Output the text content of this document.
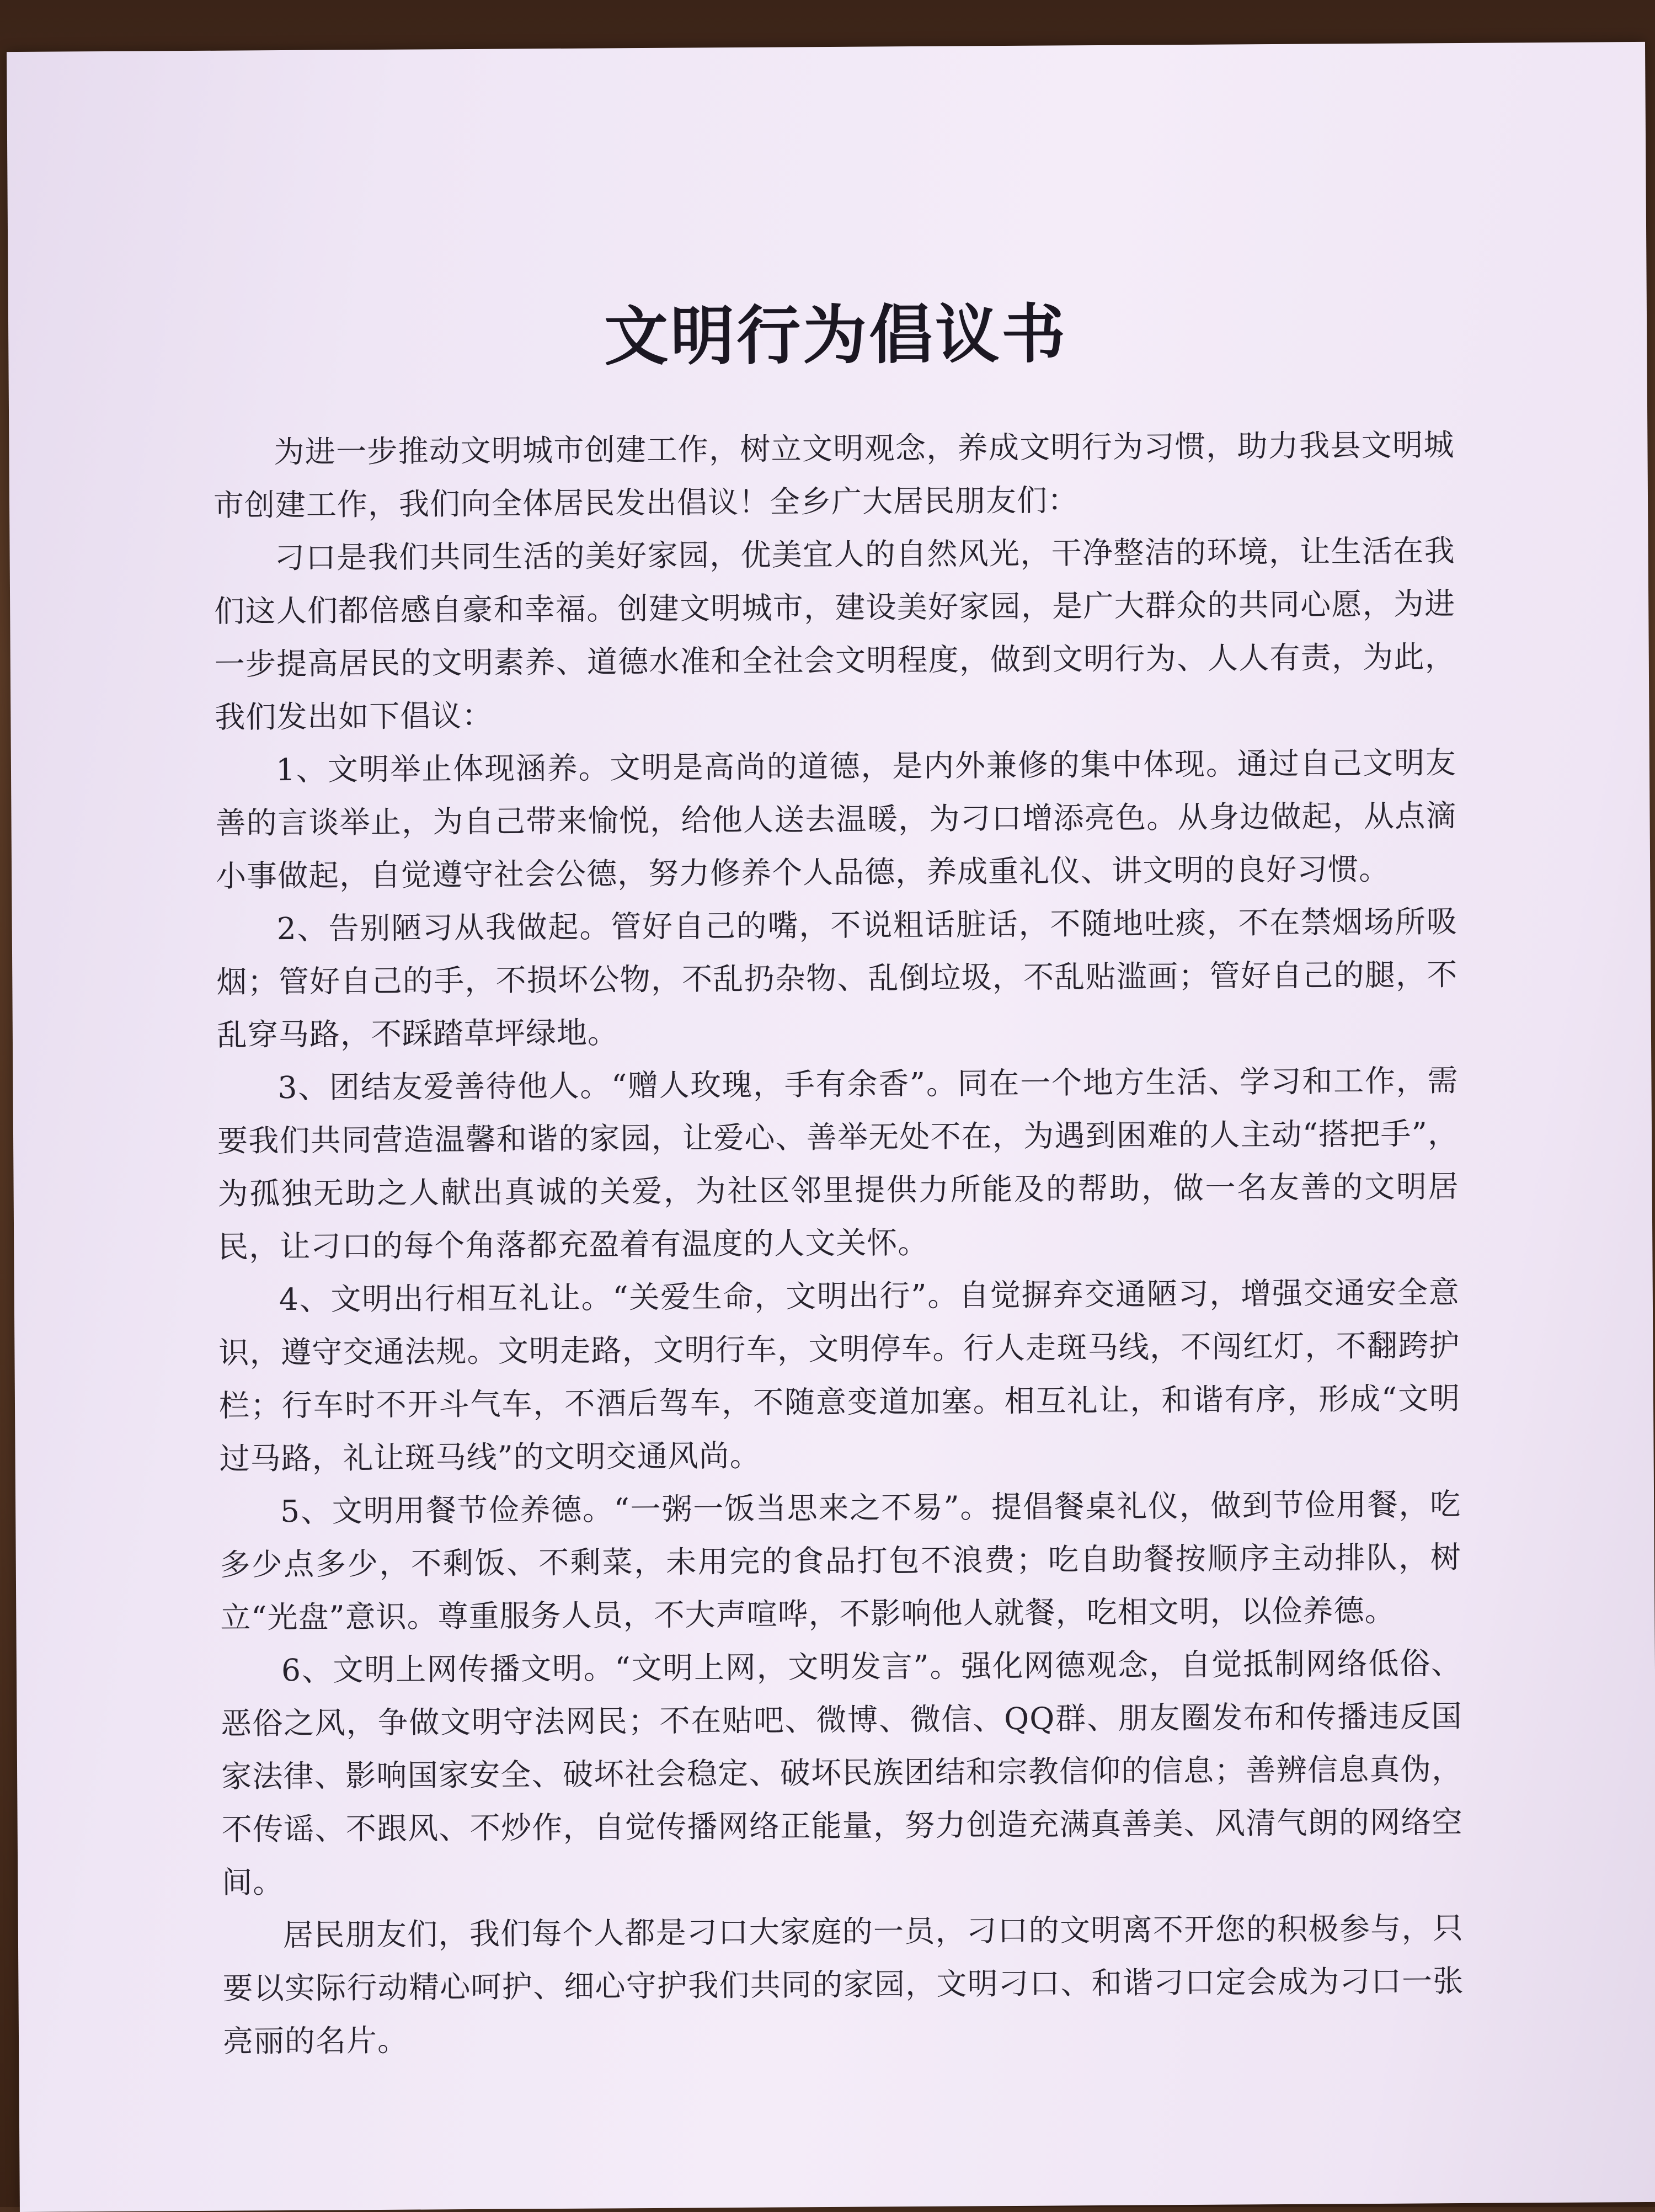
文明行为倡议书

为进一步推动文明城市创建工作，树立文明观念，养成文明行为习惯，助力我县文明城市创建工作，我们向全体居民发出倡议！全乡广大居民朋友们：

刁口是我们共同生活的美好家园，优美宜人的自然风光，干净整洁的环境，让生活在我们这人们都倍感自豪和幸福。创建文明城市，建设美好家园，是广大群众的共同心愿，为进一步提高居民的文明素养、道德水准和全社会文明程度，做到文明行为、人人有责，为此，我们发出如下倡议：

1、文明举止体现涵养。文明是高尚的道德，是内外兼修的集中体现。通过自己文明友善的言谈举止，为自己带来愉悦，给他人送去温暖，为刁口增添亮色。从身边做起，从点滴小事做起，自觉遵守社会公德，努力修养个人品德，养成重礼仪、讲文明的良好习惯。

2、告别陋习从我做起。管好自己的嘴，不说粗话脏话，不随地吐痰，不在禁烟场所吸烟；管好自己的手，不损坏公物，不乱扔杂物、乱倒垃圾，不乱贴滥画；管好自己的腿，不乱穿马路，不踩踏草坪绿地。

3、团结友爱善待他人。“赠人玫瑰，手有余香”。同在一个地方生活、学习和工作，需要我们共同营造温馨和谐的家园，让爱心、善举无处不在，为遇到困难的人主动“搭把手”，为孤独无助之人献出真诚的关爱，为社区邻里提供力所能及的帮助，做一名友善的文明居民，让刁口的每个角落都充盈着有温度的人文关怀。

4、文明出行相互礼让。“关爱生命，文明出行”。自觉摒弃交通陋习，增强交通安全意识，遵守交通法规。文明走路，文明行车，文明停车。行人走斑马线，不闯红灯，不翻跨护栏；行车时不开斗气车，不酒后驾车，不随意变道加塞。相互礼让，和谐有序，形成“文明过马路，礼让斑马线”的文明交通风尚。

5、文明用餐节俭养德。“一粥一饭当思来之不易”。提倡餐桌礼仪，做到节俭用餐，吃多少点多少，不剩饭、不剩菜，未用完的食品打包不浪费；吃自助餐按顺序主动排队，树立“光盘”意识。尊重服务人员，不大声喧哗，不影响他人就餐，吃相文明，以俭养德。

6、文明上网传播文明。“文明上网，文明发言”。强化网德观念，自觉抵制网络低俗、恶俗之风，争做文明守法网民；不在贴吧、微博、微信、QQ群、朋友圈发布和传播违反国家法律、影响国家安全、破坏社会稳定、破坏民族团结和宗教信仰的信息；善辨信息真伪，不传谣、不跟风、不炒作，自觉传播网络正能量，努力创造充满真善美、风清气朗的网络空间。

居民朋友们，我们每个人都是刁口大家庭的一员，刁口的文明离不开您的积极参与，只要以实际行动精心呵护、细心守护我们共同的家园，文明刁口、和谐刁口定会成为刁口一张亮丽的名片。
